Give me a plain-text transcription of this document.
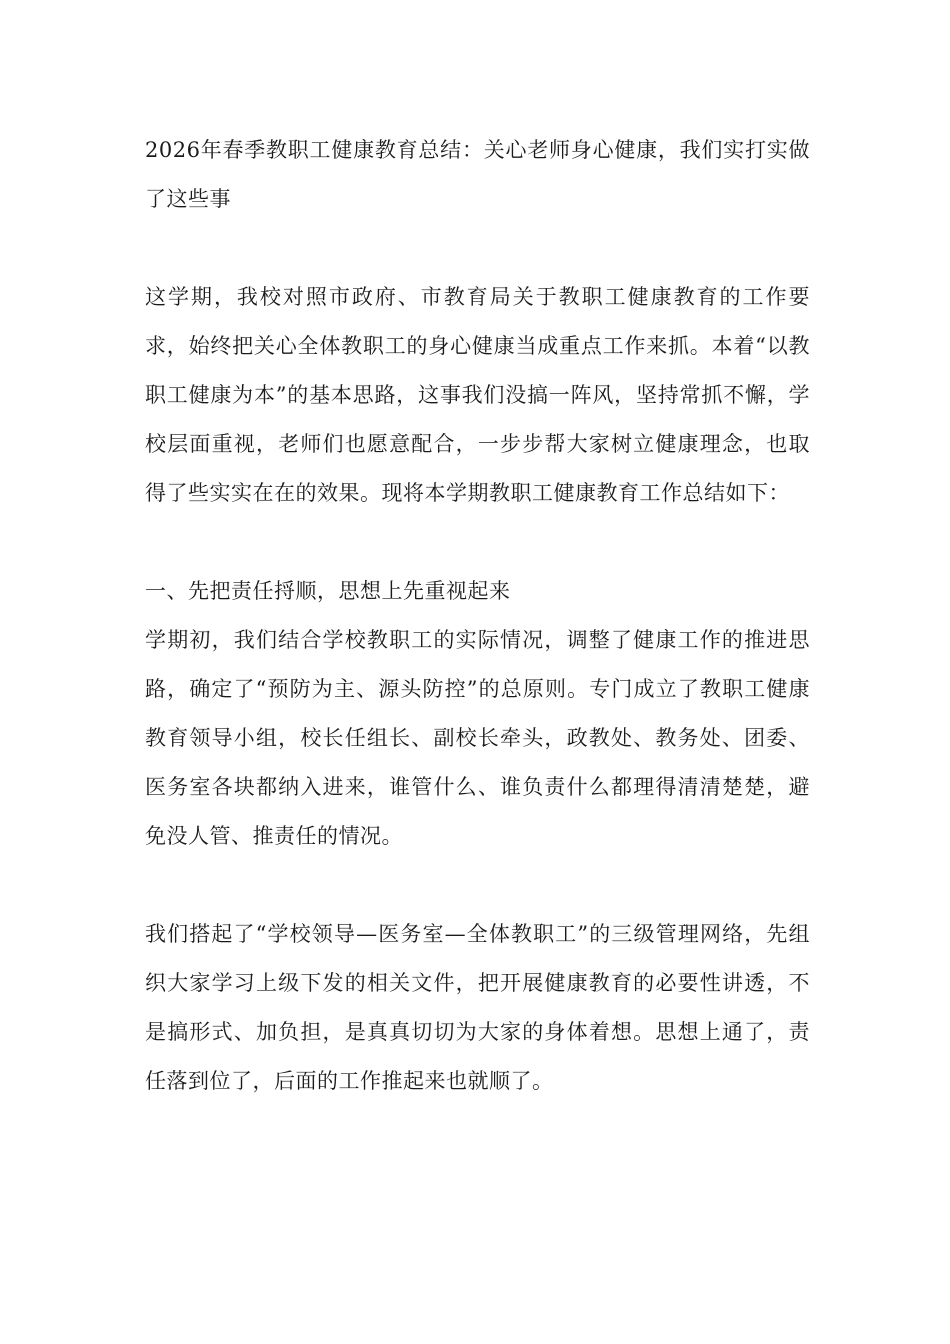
2026年春季教职工健康教育总结：关心老师身心健康，我们实打实做了这些事

这学期，我校对照市政府、市教育局关于教职工健康教育的工作要求，始终把关心全体教职工的身心健康当成重点工作来抓。本着“以教职工健康为本”的基本思路，这事我们没搞一阵风，坚持常抓不懈，学校层面重视，老师们也愿意配合，一步步帮大家树立健康理念，也取得了些实实在在的效果。现将本学期教职工健康教育工作总结如下：

一、先把责任捋顺，思想上先重视起来

学期初，我们结合学校教职工的实际情况，调整了健康工作的推进思路，确定了“预防为主、源头防控”的总原则。专门成立了教职工健康教育领导小组，校长任组长、副校长牵头，政教处、教务处、团委、医务室各块都纳入进来，谁管什么、谁负责什么都理得清清楚楚，避免没人管、推责任的情况。

我们搭起了“学校领导—医务室—全体教职工”的三级管理网络，先组织大家学习上级下发的相关文件，把开展健康教育的必要性讲透，不是搞形式、加负担，是真真切切为大家的身体着想。思想上通了，责任落到位了，后面的工作推起来也就顺了。
